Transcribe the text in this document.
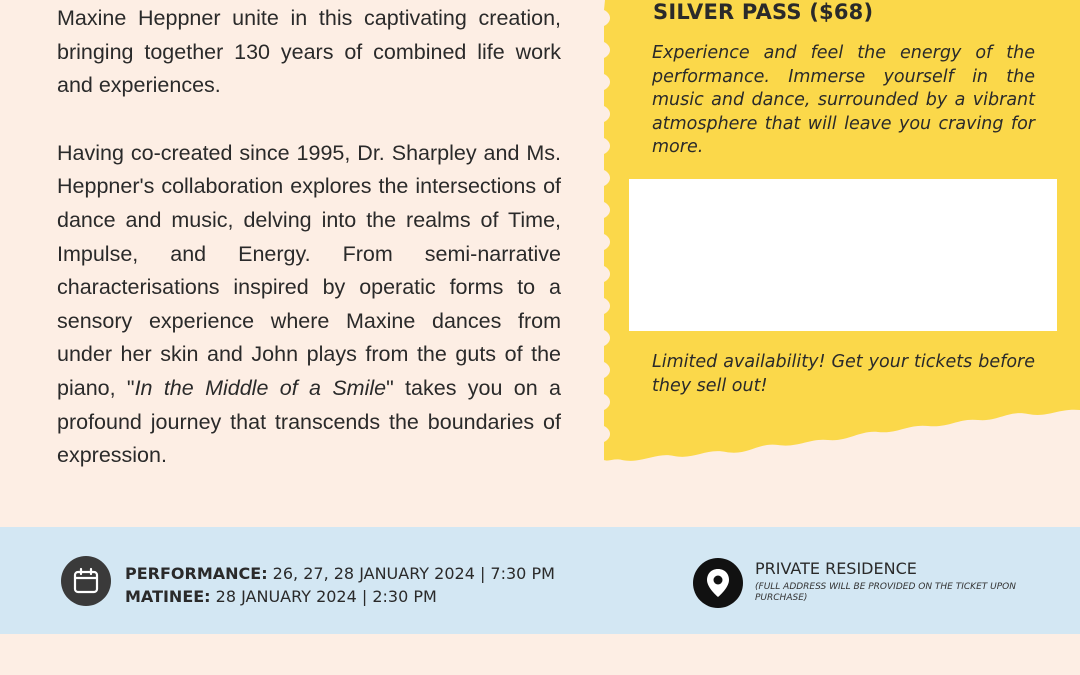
Maxine Heppner unite in this captivating creation, bringing together 130 years of combined life work and experiences.

Having co-created since 1995, Dr. Sharpley and Ms. Heppner's collaboration explores the intersections of dance and music, delving into the realms of Time, Impulse, and Energy. From semi-narrative characterisations inspired by operatic forms to a sensory experience where Maxine dances from under her skin and John plays from the guts of the piano, "In the Middle of a Smile" takes you on a profound journey that transcends the boundaries of expression.

SILVER PASS ($68)
Experience and feel the energy of the performance. Immerse yourself in the music and dance, surrounded by a vibrant atmosphere that will leave you craving for more.
Limited availability! Get your tickets before they sell out!
PERFORMANCE: 26, 27, 28 JANUARY 2024 | 7:30 PM
MATINEE: 28 JANUARY 2024 | 2:30 PM
PRIVATE RESIDENCE
(FULL ADDRESS WILL BE PROVIDED ON THE TICKET UPON PURCHASE)
